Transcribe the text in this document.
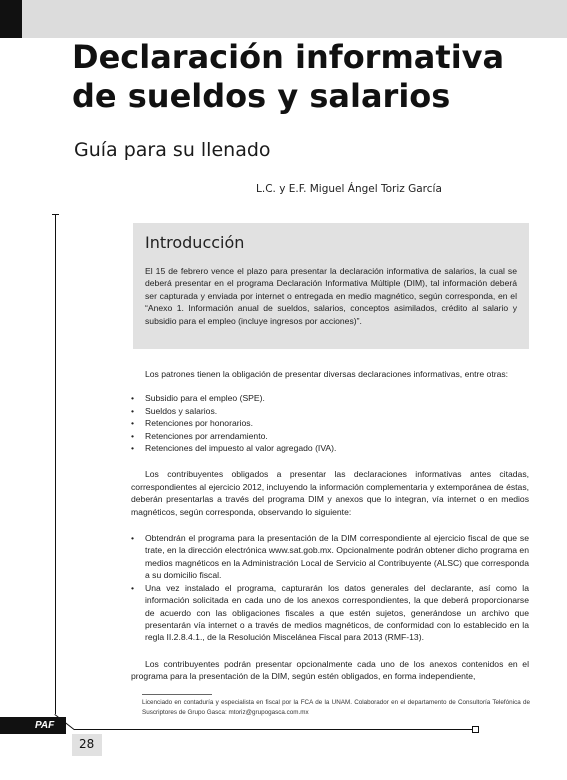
Declaración informativa
de sueldos y salarios
Guía para su llenado
L.C. y E.F. Miguel Ángel Toriz García
Introducción

El 15 de febrero vence el plazo para presentar la declaración informativa de salarios, la cual se deberá presentar en el programa Declaración Informativa Múltiple (DIM), tal información deberá ser capturada y enviada por internet o entregada en medio magnético, según corresponda, en el “Anexo 1. Información anual de sueldos, salarios, conceptos asimilados, crédito al salario y subsidio para el empleo (incluye ingresos por acciones)”.

Los patrones tienen la obligación de presentar diversas declaraciones informativas, entre otras:

• Subsidio para el empleo (SPE).
• Sueldos y salarios.
• Retenciones por honorarios.
• Retenciones por arrendamiento.
• Retenciones del impuesto al valor agregado (IVA).

Los contribuyentes obligados a presentar las declaraciones informativas antes citadas, correspondientes al ejercicio 2012, incluyendo la información complementaria y extemporánea de éstas, deberán presentarlas a través del programa DIM y anexos que lo integran, vía internet o en medios magnéticos, según corresponda, observando lo siguiente:

• Obtendrán el programa para la presentación de la DIM correspondiente al ejercicio fiscal de que se trate, en la dirección electrónica www.sat.gob.mx. Opcionalmente podrán obtener dicho programa en medios magnéticos en la Administración Local de Servicio al Contribuyente (ALSC) que corresponda a su domicilio fiscal.
• Una vez instalado el programa, capturarán los datos generales del declarante, así como la información solicitada en cada uno de los anexos correspondientes, la que deberá proporcionarse de acuerdo con las obligaciones fiscales a que estén sujetos, generándose un archivo que presentarán vía internet o a través de medios magnéticos, de conformidad con lo establecido en la regla II.2.8.4.1., de la Resolución Miscelánea Fiscal para 2013 (RMF-13).

Los contribuyentes podrán presentar opcionalmente cada uno de los anexos contenidos en el programa para la presentación de la DIM, según estén obligados, en forma independiente,

Licenciado en contaduría y especialista en fiscal por la FCA de la UNAM. Colaborador en el departamento de Consultoría Telefónica de Suscriptores de Grupo Gasca: mtoriz@grupogasca.com.mx

PAF
28
